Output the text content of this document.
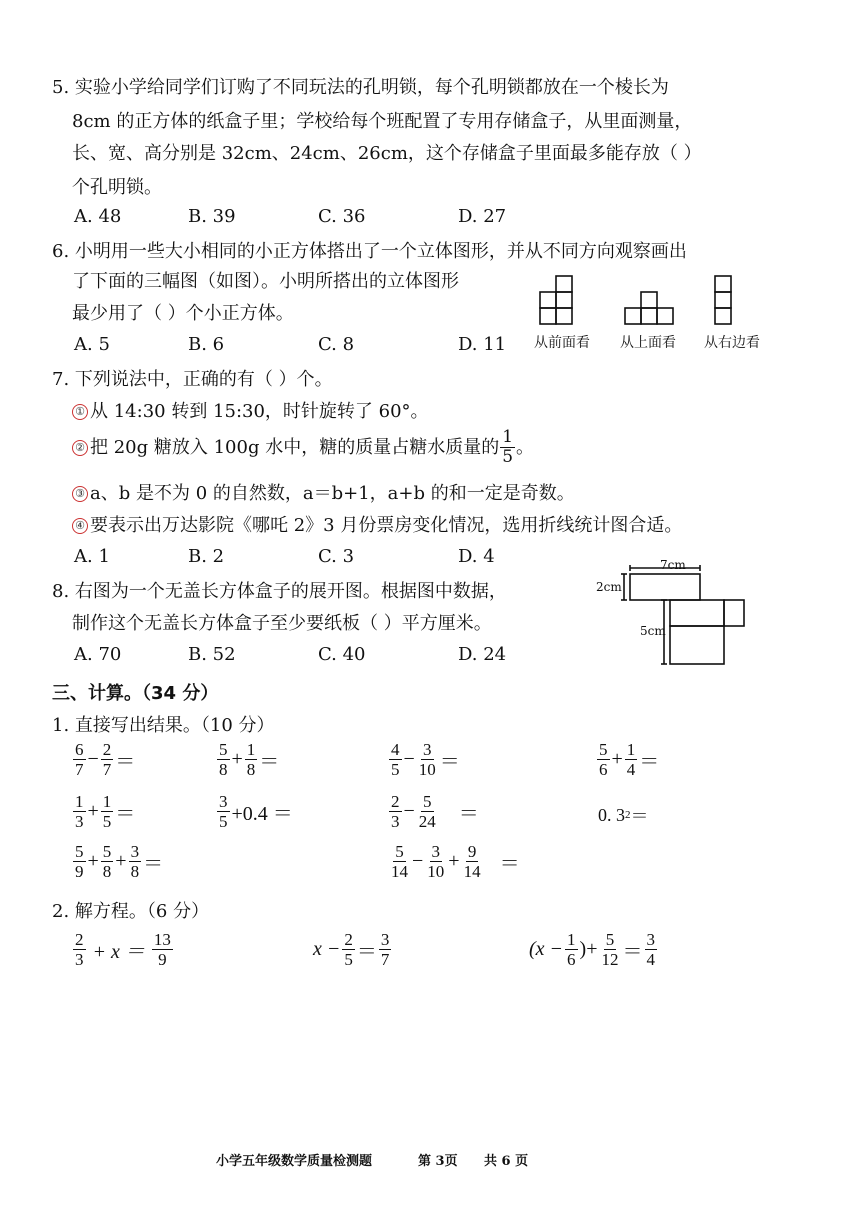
5. 实验小学给同学们订购了不同玩法的孔明锁，每个孔明锁都放在一个棱长为
8cm 的正方体的纸盒子里；学校给每个班配置了专用存储盒子，从里面测量，
长、宽、高分别是 32cm、24cm、26cm，这个存储盒子里面最多能存放（ ）
个孔明锁。
A. 48	B. 39	C. 36	D. 27
6. 小明用一些大小相同的小正方体搭出了一个立体图形，并从不同方向观察画出
了下面的三幅图（如图）。小明所搭出的立体图形
最少用了（ ）个小正方体。
A. 5	B. 6	C. 8	D. 11 从前面看 从上面看 从右边看
7. 下列说法中，正确的有（ ）个。
① 从 14:30 转到 15:30，时针旋转了 60°。
② 把 20g 糖放入 100g 水中，糖的质量占糖水质量的 $\frac{1}{5}$ 。
③ a、b 是不为 0 的自然数，a＝b+1，a+b 的和一定是奇数。
④ 要表示出万达影院《哪吒 2》3 月份票房变化情况，选用折线统计图合适。
A. 1	B. 2	C. 3	D. 4
8. 右图为一个无盖长方体盒子的展开图。根据图中数据，
制作这个无盖长方体盒子至少要纸板（ ）平方厘米。
A. 70	B. 52	C. 40	D. 24
7cm
2cm
5cm
三、计算。（34 分）
1. 直接写出结果。（10 分）
$\frac{6}{7} - \frac{2}{7}$ ＝	$\frac{5}{8} + \frac{1}{8}$ ＝	$\frac{4}{5} - \frac{3}{10}$ ＝	$\frac{5}{6} + \frac{1}{4}$ ＝
$\frac{1}{3} + \frac{1}{5}$ ＝	$\frac{3}{5} +0.4$ ＝	$\frac{2}{3} - \frac{5}{24}$ ＝	0. 3 2 ＝
$\frac{5}{9} + \frac{5}{8} + \frac{3}{8}$ ＝	$\frac{5}{14} - \frac{3}{10} + \frac{9}{14}$ ＝
2. 解方程。（6 分）
$\frac{2}{3} + x = \frac{13}{9}$	$x - \frac{2}{5} = \frac{3}{7}$	($x - \frac{1}{6}$ )+ $\frac{5}{12} = \frac{3}{4}$
小学五年级数学质量检测题	第 3页 共 6 页
